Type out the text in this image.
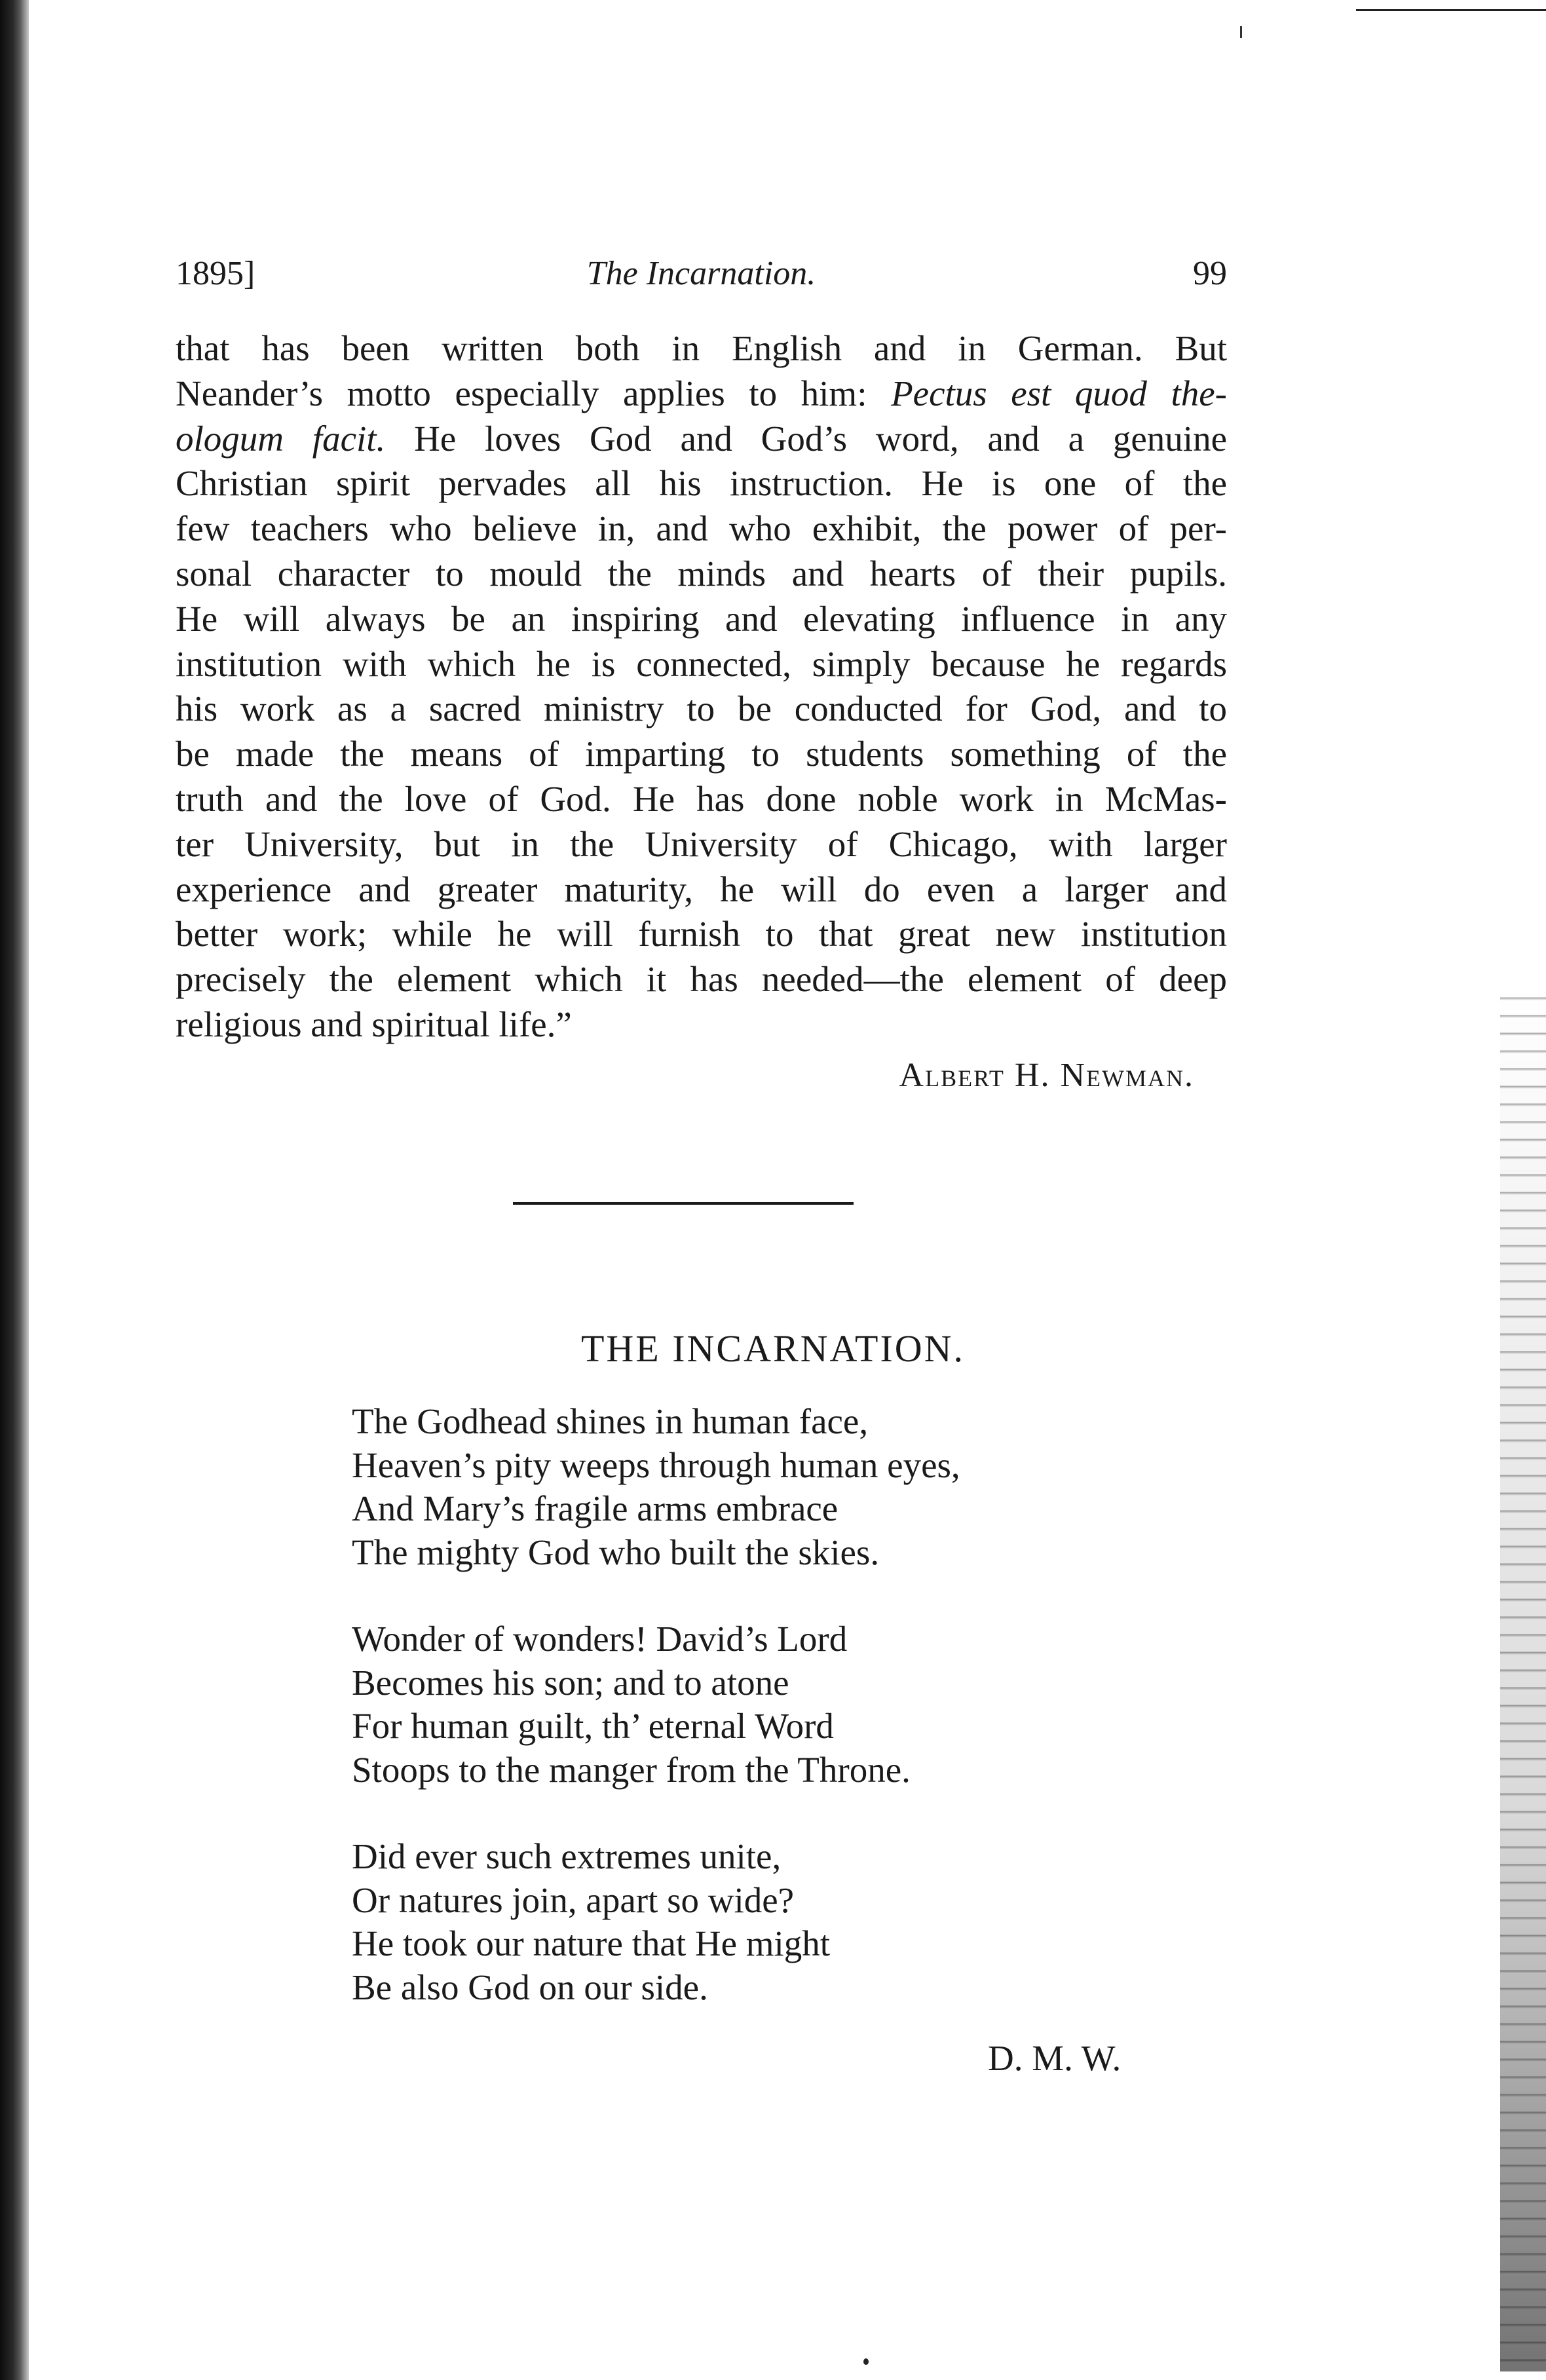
1895]	The Incarnation.	99
that has been written both in English and in German. But
Neander’s motto especially applies to him: Pectus est quod the-
ologum facit. He loves God and God’s word, and a genuine
Christian spirit pervades all his instruction. He is one of the
few teachers who believe in, and who exhibit, the power of per-
sonal character to mould the minds and hearts of their pupils.
He will always be an inspiring and elevating influence in any
institution with which he is connected, simply because he regards
his work as a sacred ministry to be conducted for God, and to
be made the means of imparting to students something of the
truth and the love of God. He has done noble work in McMas-
ter University, but in the University of Chicago, with larger
experience and greater maturity, he will do even a larger and
better work; while he will furnish to that great new institution
precisely the element which it has needed—the element of deep
religious and spiritual life.”
Albert H. Newman.
THE INCARNATION.
The Godhead shines in human face,
Heaven’s pity weeps through human eyes,
And Mary’s fragile arms embrace
The mighty God who built the skies.
Wonder of wonders! David’s Lord
Becomes his son; and to atone
For human guilt, th’ eternal Word
Stoops to the manger from the Throne.
Did ever such extremes unite,
Or natures join, apart so wide?
He took our nature that He might
Be also God on our side.
D. M. W.
